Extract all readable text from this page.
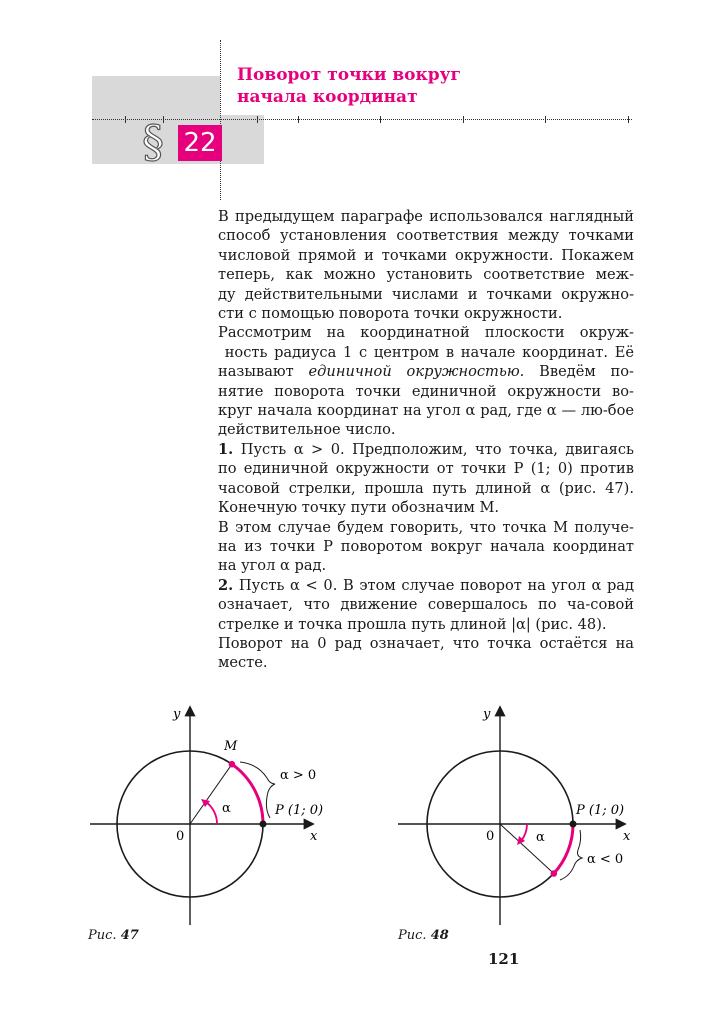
Поворот точки вокруг
начала координат
§ 22

В предыдущем параграфе использовался наглядный
способ установления соответствия между точками
числовой прямой и точками окружности. Покажем
теперь, как можно установить соответствие меж-
ду действительными числами и точками окружно-
сти с помощью поворота точки окружности.

Рассмотрим на координатной плоскости окруж- ность радиуса 1 с центром в начале координат. Её называют единичной окружностью. Введём по-нятие поворота точки единичной окружности во-круг начала координат на угол α рад, где α — лю-бое действительное число.

1. Пусть α > 0. Предположим, что точка, двигаясь по единичной окружности от точки P (1; 0) против часовой стрелки, прошла путь длиной α (рис. 47). Конечную точку пути обозначим M.

В этом случае будем говорить, что точка M получе-на из точки P поворотом вокруг начала координат на угол α рад.

2. Пусть α < 0. В этом случае поворот на угол α рад означает, что движение совершалось по ча-совой стрелке и точка прошла путь длиной |α| (рис. 48).

Поворот на 0 рад означает, что точка остаётся на месте.

y
x
0
M
P (1; 0)
α
α > 0
Рис. 47
y
x
0
P (1; 0)
α
α < 0
Рис. 48
121
